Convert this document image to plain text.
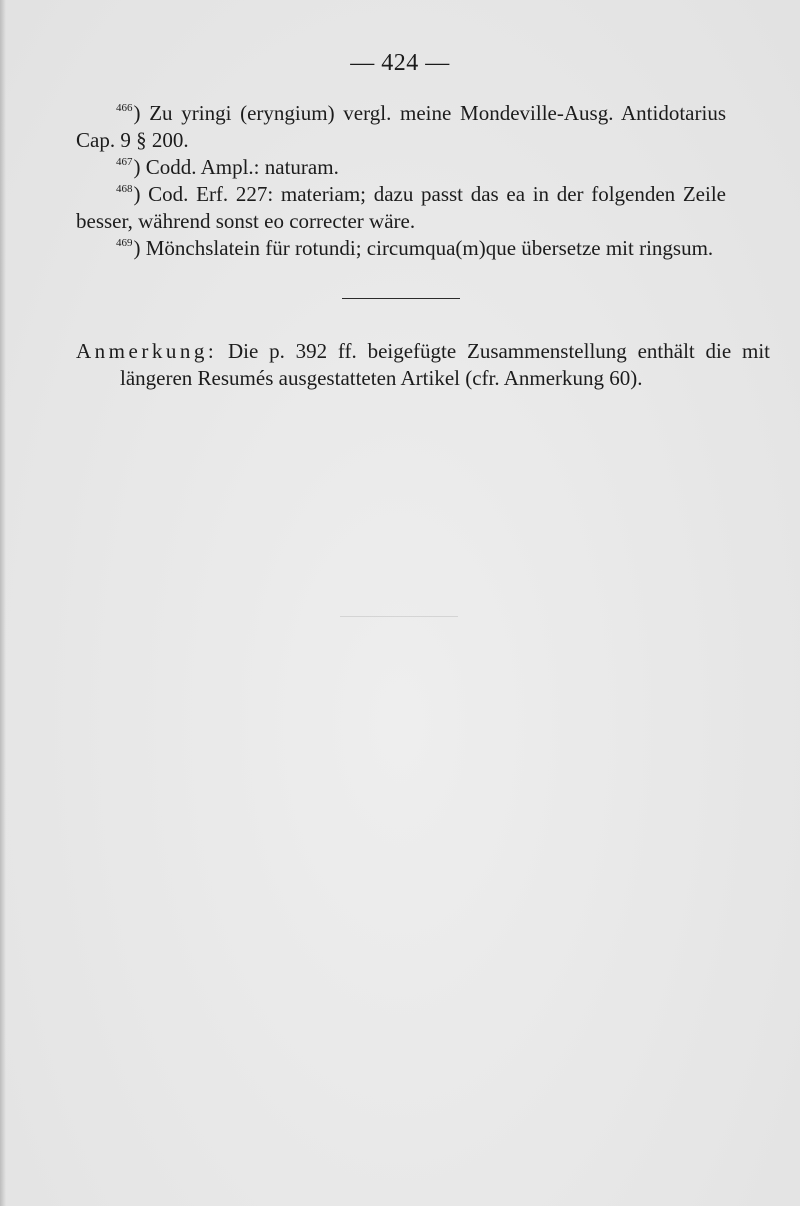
— 424 —

$^{466}$) Zu yringi (eryngium) vergl. meine Mondeville-Ausg. Antidotarius Cap. 9 § 200.

$^{467}$) Codd. Ampl.: naturam.

$^{468}$) Cod. Erf. 227: materiam; dazu passt das ea in der folgenden Zeile besser, während sonst eo correcter wäre.

$^{469}$) Mönchslatein für rotundi; circumqua(m)que übersetze mit ringsum.

Anmerkung: Die p. 392 ff. beigefügte Zusammenstellung enthält die mit längeren Resumés ausgestatteten Artikel (cfr. Anmerkung 60).
